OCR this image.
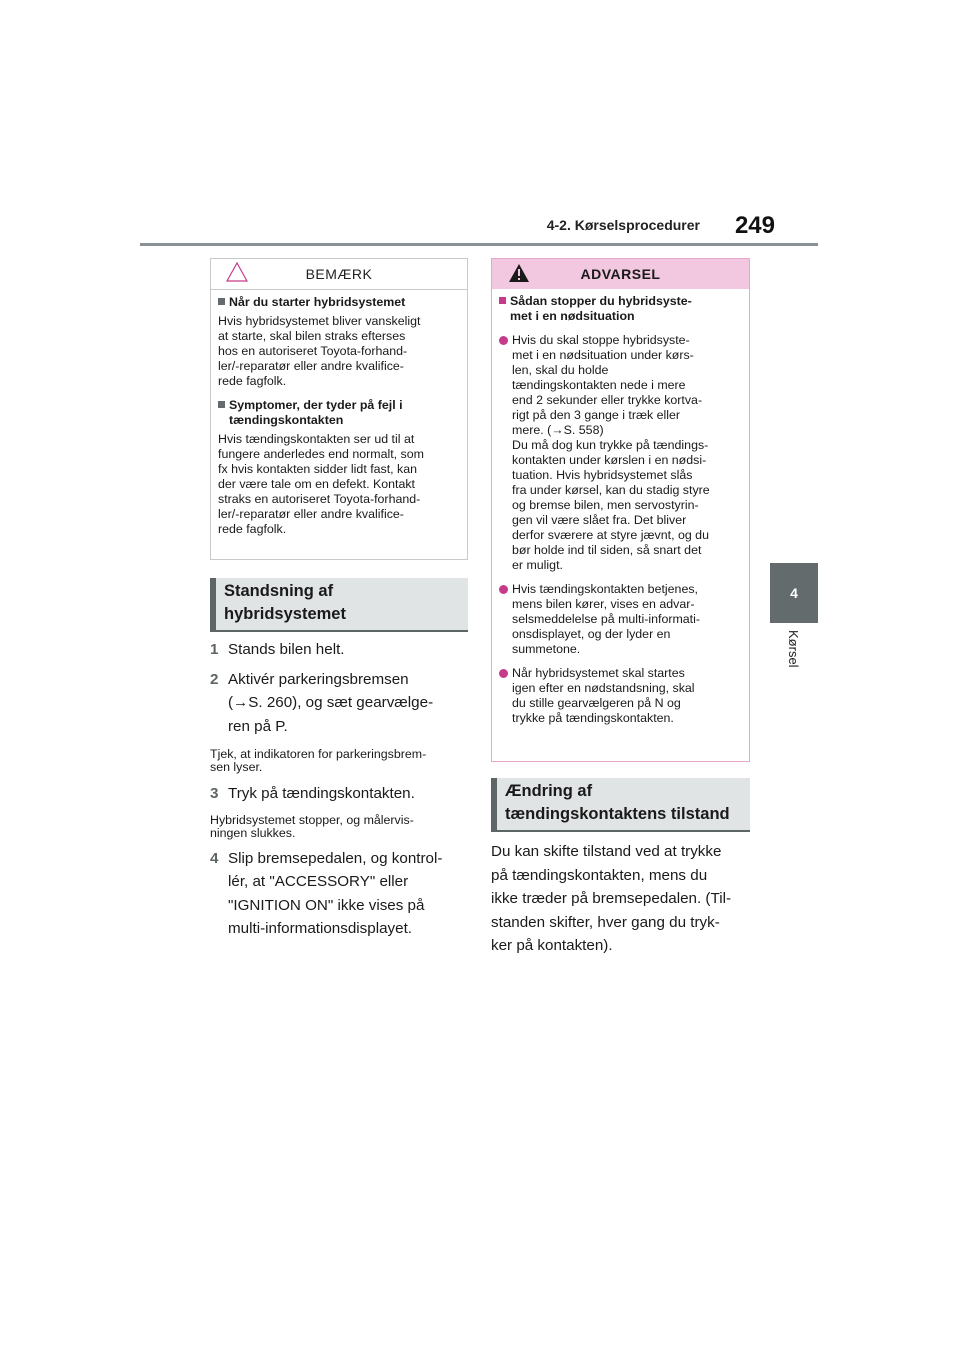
4-2. Kørselsprocedurer	249
4
Kørsel
BEMÆRK
Når du starter hybridsystemet

Hvis hybridsystemet bliver vanskeligt
at starte, skal bilen straks efterses
hos en autoriseret Toyota-forhand-
ler/-reparatør eller andre kvalifice-
rede fagfolk.

Symptomer, der tyder på fejl i
tændingskontakten

Hvis tændingskontakten ser ud til at
fungere anderledes end normalt, som
fx hvis kontakten sidder lidt fast, kan
der være tale om en defekt. Kontakt
straks en autoriseret Toyota-forhand-
ler/-reparatør eller andre kvalifice-
rede fagfolk.

Standsning af
hybridsystemet
1 Stands bilen helt.
2 Aktivér parkeringsbremsen
(→S. 260), og sæt gearvælge-
ren på P.
Tjek, at indikatoren for parkeringsbrem-
sen lyser.
3 Tryk på tændingskontakten.
Hybridsystemet stopper, og målervis-
ningen slukkes.
4 Slip bremsepedalen, og kontrol-
lér, at "ACCESSORY" eller
"IGNITION ON" ikke vises på
multi-informationsdisplayet.
ADVARSEL
Sådan stopper du hybridsyste-
met i en nødsituation
Hvis du skal stoppe hybridsyste-
met i en nødsituation under kørs-
len, skal du holde
tændingskontakten nede i mere
end 2 sekunder eller trykke kortva-
rigt på den 3 gange i træk eller
mere. (→S. 558)
Du må dog kun trykke på tændings-
kontakten under kørslen i en nødsi-
tuation. Hvis hybridsystemet slås
fra under kørsel, kan du stadig styre
og bremse bilen, men servostyrin-
gen vil være slået fra. Det bliver
derfor sværere at styre jævnt, og du
bør holde ind til siden, så snart det
er muligt.
Hvis tændingskontakten betjenes,
mens bilen kører, vises en advar-
selsmeddelelse på multi-informati-
onsdisplayet, og der lyder en
summetone.
Når hybridsystemet skal startes
igen efter en nødstandsning, skal
du stille gearvælgeren på N og
trykke på tændingskontakten.
Ændring af
tændingskontaktens tilstand
Du kan skifte tilstand ved at trykke
på tændingskontakten, mens du
ikke træder på bremsepedalen. (Til-
standen skifter, hver gang du tryk-
ker på kontakten).
